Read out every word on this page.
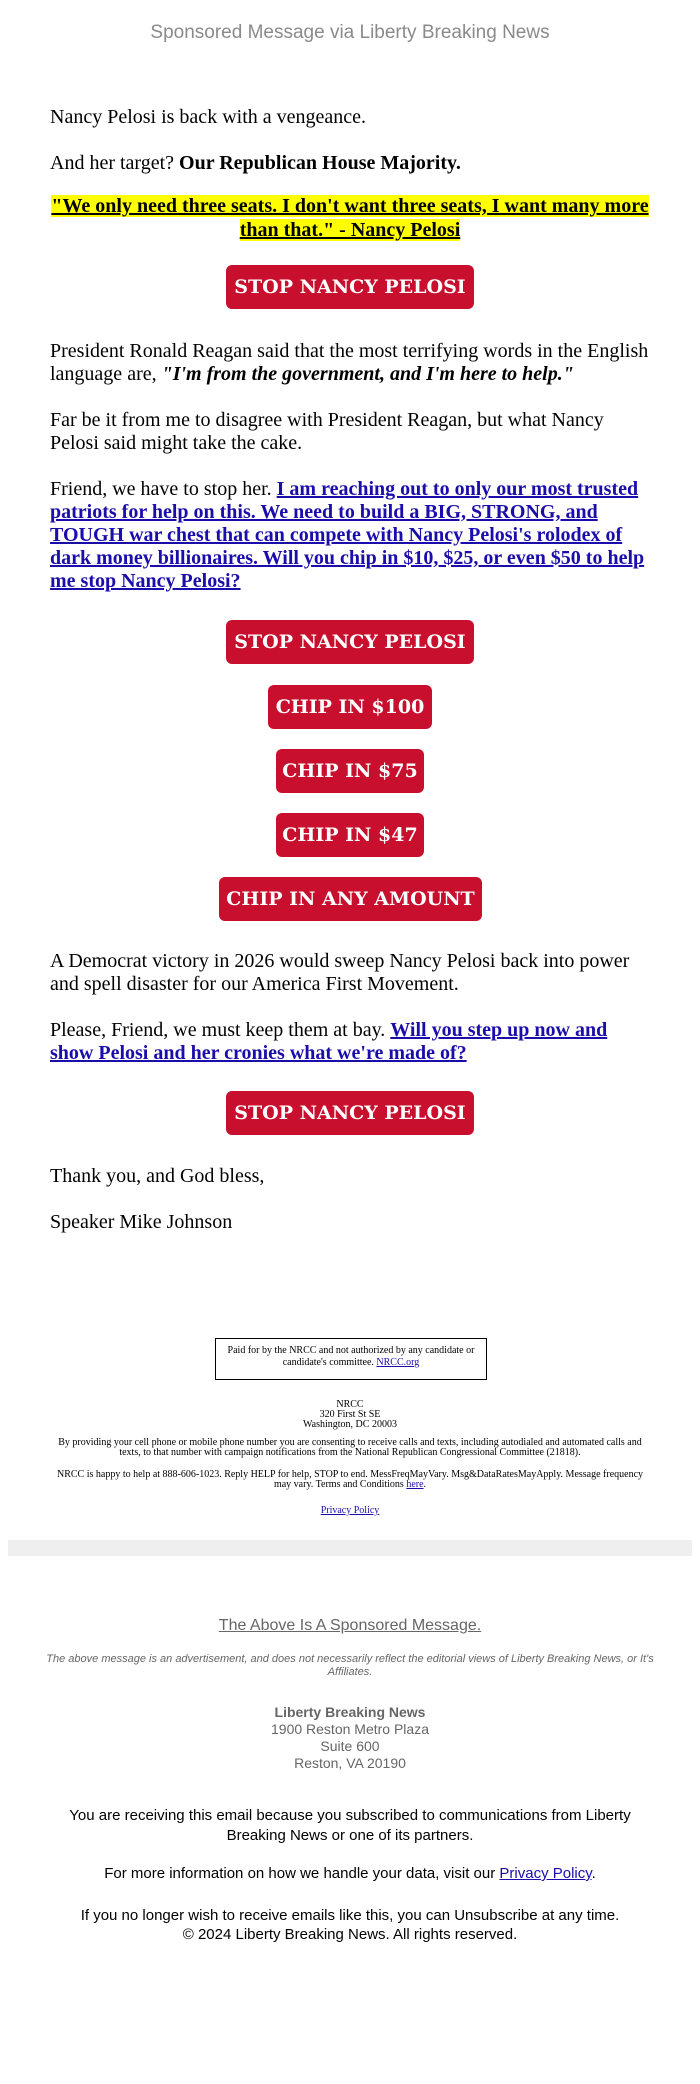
Sponsored Message via Liberty Breaking News
Nancy Pelosi is back with a vengeance.
And her target? Our Republican House Majority.
"We only need three seats. I don't want three seats, I want many more than that." - Nancy Pelosi
STOP NANCY PELOSI
President Ronald Reagan said that the most terrifying words in the English language are, "I'm from the government, and I'm here to help."
Far be it from me to disagree with President Reagan, but what Nancy Pelosi said might take the cake.
Friend, we have to stop her. I am reaching out to only our most trusted patriots for help on this. We need to build a BIG, STRONG, and TOUGH war chest that can compete with Nancy Pelosi's rolodex of dark money billionaires. Will you chip in $10, $25, or even $50 to help me stop Nancy Pelosi?
STOP NANCY PELOSI
CHIP IN $100
CHIP IN $75
CHIP IN $47
CHIP IN ANY AMOUNT
A Democrat victory in 2026 would sweep Nancy Pelosi back into power and spell disaster for our America First Movement.
Please, Friend, we must keep them at bay. Will you step up now and show Pelosi and her cronies what we're made of?
STOP NANCY PELOSI
Thank you, and God bless,
Speaker Mike Johnson
Paid for by the NRCC and not authorized by any candidate or candidate's committee. NRCC.org
NRCC
320 First St SE
Washington, DC 20003
By providing your cell phone or mobile phone number you are consenting to receive calls and texts, including autodialed and automated calls and texts, to that number with campaign notifications from the National Republican Congressional Committee (21818).
NRCC is happy to help at 888-606-1023. Reply HELP for help, STOP to end. MessFreqMayVary. Msg&DataRatesMayApply. Message frequency may vary. Terms and Conditions here.
Privacy Policy
The Above Is A Sponsored Message.
The above message is an advertisement, and does not necessarily reflect the editorial views of Liberty Breaking News, or It's Affiliates.
Liberty Breaking News
1900 Reston Metro Plaza
Suite 600
Reston, VA 20190
You are receiving this email because you subscribed to communications from Liberty Breaking News or one of its partners.
For more information on how we handle your data, visit our Privacy Policy.
If you no longer wish to receive emails like this, you can Unsubscribe at any time.
© 2024 Liberty Breaking News. All rights reserved.
